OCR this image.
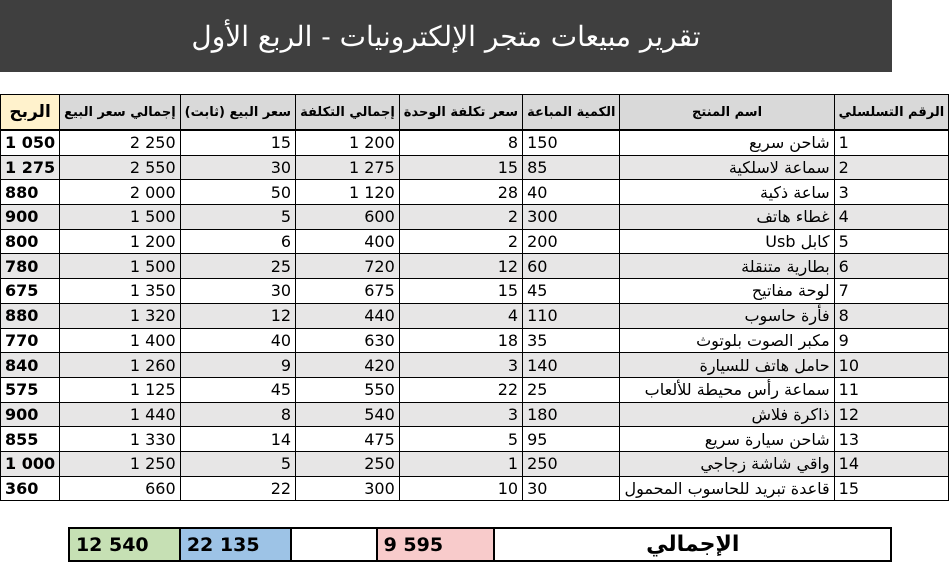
تقرير مبيعات متجر الإلكترونيات - الربع الأول
الرقم التسلسلي	اسم المنتج	الكمية المباعة	سعر تكلفة الوحدة	إجمالي التكلفة	سعر البيع (ثابت)	إجمالي سعر البيع	الربح
1	شاحن سريع	150	8	1 200	15	2 250	1 050
2	سماعة لاسلكية	85	15	1 275	30	2 550	1 275
3	ساعة ذكية	40	28	1 120	50	2 000	880
4	غطاء هاتف	300	2	600	5	1 500	900
5	كابل Usb	200	2	400	6	1 200	800
6	بطارية متنقلة	60	12	720	25	1 500	780
7	لوحة مفاتيح	45	15	675	30	1 350	675
8	فأرة حاسوب	110	4	440	12	1 320	880
9	مكبر الصوت بلوتوث	35	18	630	40	1 400	770
10	حامل هاتف للسيارة	140	3	420	9	1 260	840
11	سماعة رأس محيطة للألعاب	25	22	550	45	1 125	575
12	ذاكرة فلاش	180	3	540	8	1 440	900
13	شاحن سيارة سريع	95	5	475	14	1 330	855
14	واقي شاشة زجاجي	250	1	250	5	1 250	1 000
15	قاعدة تبريد للحاسوب المحمول	30	10	300	22	660	360
الإجمالي	9 595		22 135	12 540
